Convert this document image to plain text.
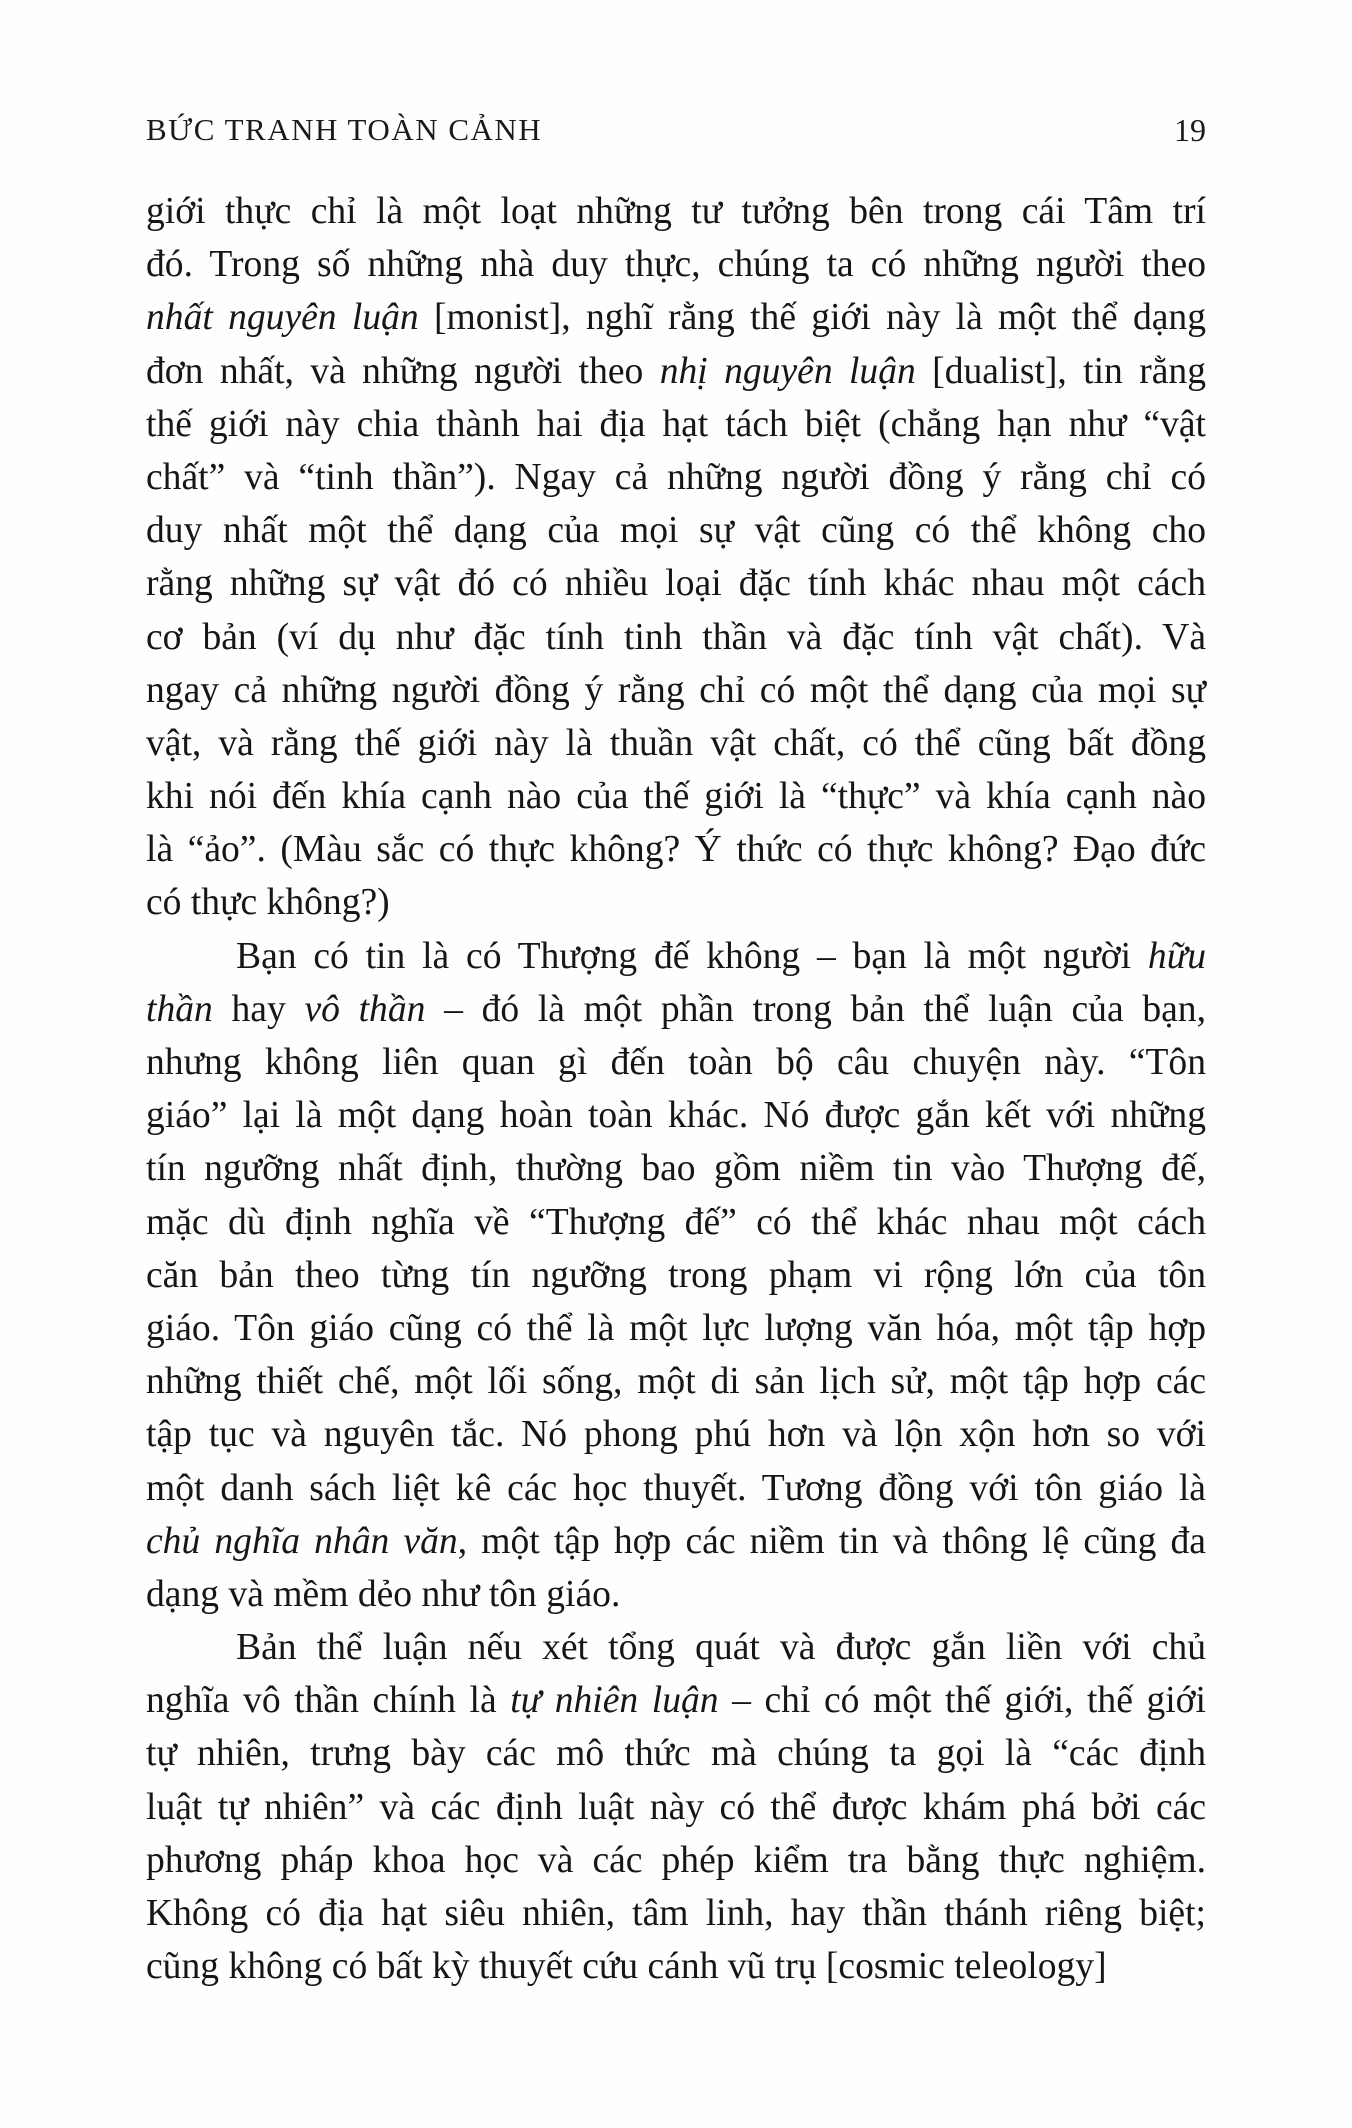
BỨC TRANH TOÀN CẢNH	19
giới thực chỉ là một loạt những tư tưởng bên trong cái Tâm trí
đó. Trong số những nhà duy thực, chúng ta có những người theo
nhất nguyên luận [monist], nghĩ rằng thế giới này là một thể dạng
đơn nhất, và những người theo nhị nguyên luận [dualist], tin rằng
thế giới này chia thành hai địa hạt tách biệt (chẳng hạn như “vật
chất” và “tinh thần”). Ngay cả những người đồng ý rằng chỉ có
duy nhất một thể dạng của mọi sự vật cũng có thể không cho
rằng những sự vật đó có nhiều loại đặc tính khác nhau một cách
cơ bản (ví dụ như đặc tính tinh thần và đặc tính vật chất). Và
ngay cả những người đồng ý rằng chỉ có một thể dạng của mọi sự
vật, và rằng thế giới này là thuần vật chất, có thể cũng bất đồng
khi nói đến khía cạnh nào của thế giới là “thực” và khía cạnh nào
là “ảo”. (Màu sắc có thực không? Ý thức có thực không? Đạo đức
có thực không?)
Bạn có tin là có Thượng đế không – bạn là một người hữu
thần hay vô thần – đó là một phần trong bản thể luận của bạn,
nhưng không liên quan gì đến toàn bộ câu chuyện này. “Tôn
giáo” lại là một dạng hoàn toàn khác. Nó được gắn kết với những
tín ngưỡng nhất định, thường bao gồm niềm tin vào Thượng đế,
mặc dù định nghĩa về “Thượng đế” có thể khác nhau một cách
căn bản theo từng tín ngưỡng trong phạm vi rộng lớn của tôn
giáo. Tôn giáo cũng có thể là một lực lượng văn hóa, một tập hợp
những thiết chế, một lối sống, một di sản lịch sử, một tập hợp các
tập tục và nguyên tắc. Nó phong phú hơn và lộn xộn hơn so với
một danh sách liệt kê các học thuyết. Tương đồng với tôn giáo là
chủ nghĩa nhân văn, một tập hợp các niềm tin và thông lệ cũng đa
dạng và mềm dẻo như tôn giáo.
Bản thể luận nếu xét tổng quát và được gắn liền với chủ
nghĩa vô thần chính là tự nhiên luận – chỉ có một thế giới, thế giới
tự nhiên, trưng bày các mô thức mà chúng ta gọi là “các định
luật tự nhiên” và các định luật này có thể được khám phá bởi các
phương pháp khoa học và các phép kiểm tra bằng thực nghiệm.
Không có địa hạt siêu nhiên, tâm linh, hay thần thánh riêng biệt;
cũng không có bất kỳ thuyết cứu cánh vũ trụ [cosmic teleology]
